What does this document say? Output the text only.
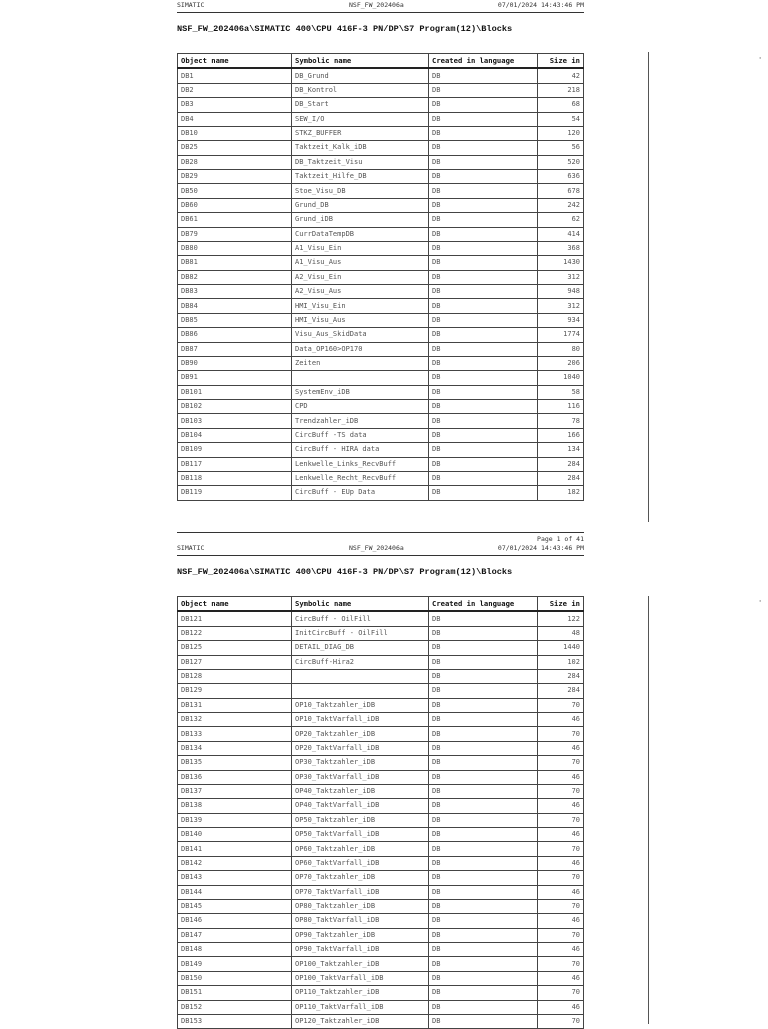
SIMATIC	NSF_FW_202406a	07/01/2024 14:43:46 PM
NSF_FW_202406a\SIMATIC 400\CPU 416F-3 PN/DP\S7 Program(12)\Blocks
Object name	Symbolic name	Created in language	Size in
DB1	DB_Grund	DB	42
DB2	DB_Kontrol	DB	218
DB3	DB_Start	DB	68
DB4	SEW_I/O	DB	54
DB10	STKZ_BUFFER	DB	120
DB25	Taktzeit_Kalk_iDB	DB	56
DB28	DB_Taktzeit_Visu	DB	520
DB29	Taktzeit_Hilfe_DB	DB	636
DB50	Stoe_Visu_DB	DB	678
DB60	Grund_DB	DB	242
DB61	Grund_iDB	DB	62
DB79	CurrDataTempDB	DB	414
DB80	A1_Visu_Ein	DB	368
DB81	A1_Visu_Aus	DB	1430
DB82	A2_Visu_Ein	DB	312
DB83	A2_Visu_Aus	DB	948
DB84	HMI_Visu_Ein	DB	312
DB85	HMI_Visu_Aus	DB	934
DB86	Visu_Aus_SkidData	DB	1774
DB87	Data_OP160>OP170	DB	80
DB90	Zeiten	DB	206
DB91		DB	1040
DB101	SystemEnv_iDB	DB	58
DB102	CPD	DB	116
DB103	Trendzahler_iDB	DB	78
DB104	CircBuff -TS data	DB	166
DB109	CircBuff - HIRA data	DB	134
DB117	Lenkwelle_Links_RecvBuff	DB	284
DB118	Lenkwelle_Recht_RecvBuff	DB	284
DB119	CircBuff - EUp Data	DB	182
Page 1 of 41
SIMATIC	NSF_FW_202406a	07/01/2024 14:43:46 PM
NSF_FW_202406a\SIMATIC 400\CPU 416F-3 PN/DP\S7 Program(12)\Blocks
Object name	Symbolic name	Created in language	Size in
DB121	CircBuff - OilFill	DB	122
DB122	InitCircBuff - OilFill	DB	48
DB125	DETAIL_DIAG_DB	DB	1440
DB127	CircBuff-Hira2	DB	102
DB128		DB	284
DB129		DB	284
DB131	OP10_Taktzahler_iDB	DB	70
DB132	OP10_TaktVarfall_iDB	DB	46
DB133	OP20_Taktzahler_iDB	DB	70
DB134	OP20_TaktVarfall_iDB	DB	46
DB135	OP30_Taktzahler_iDB	DB	70
DB136	OP30_TaktVarfall_iDB	DB	46
DB137	OP40_Taktzahler_iDB	DB	70
DB138	OP40_TaktVarfall_iDB	DB	46
DB139	OP50_Taktzahler_iDB	DB	70
DB140	OP50_TaktVarfall_iDB	DB	46
DB141	OP60_Taktzahler_iDB	DB	70
DB142	OP60_TaktVarfall_iDB	DB	46
DB143	OP70_Taktzahler_iDB	DB	70
DB144	OP70_TaktVarfall_iDB	DB	46
DB145	OP80_Taktzahler_iDB	DB	70
DB146	OP80_TaktVarfall_iDB	DB	46
DB147	OP90_Taktzahler_iDB	DB	70
DB148	OP90_TaktVarfall_iDB	DB	46
DB149	OP100_Taktzahler_iDB	DB	70
DB150	OP100_TaktVarfall_iDB	DB	46
DB151	OP110_Taktzahler_iDB	DB	70
DB152	OP110_TaktVarfall_iDB	DB	46
DB153	OP120_Taktzahler_iDB	DB	70
'
'
